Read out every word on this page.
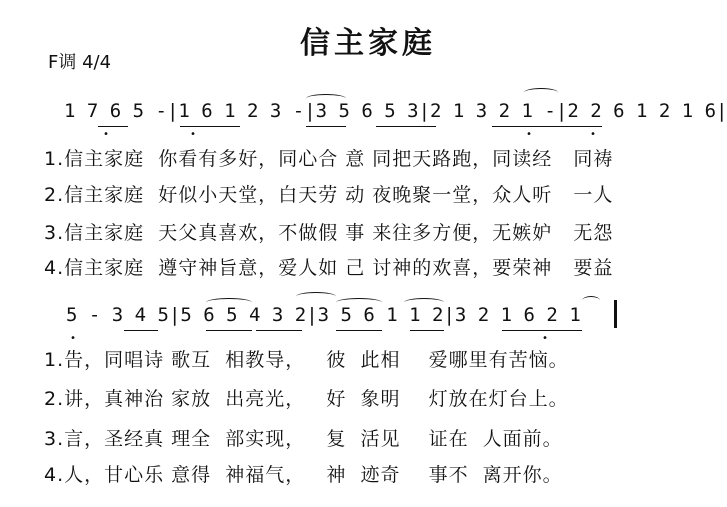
信主家庭
F调 4/4
1 7 6 5 -|1 6 1 2 3 -|3 5 6 5 3|2 1 3 2 1 -|2 2 6 1 2 1 6|
•	•	•	•
1.信主家庭  你看有多好，同心合 意 同把天路跑，同读经   同祷
2.信主家庭  好似小天堂，白天劳 动 夜晚聚一堂，众人听   一人
3.信主家庭  天父真喜欢，不做假 事 来往多方便，无嫉妒   无怨
4.信主家庭  遵守神旨意，爱人如 己 讨神的欢喜，要荣神   要益
5 - 3 4 5|5 6 5 4 3 2|3 5 6 1 1 2|3 2 1 6 2 1
•	•
1.告，同唱诗 歌互  相教导，   彼  此相    爱哪里有苦恼。
2.讲，真神治 家放  出亮光，   好  象明    灯放在灯台上。
3.言，圣经真 理全  部实现，   复  活见    证在  人面前。
4.人，甘心乐 意得  神福气，   神  迹奇    事不  离开你。
